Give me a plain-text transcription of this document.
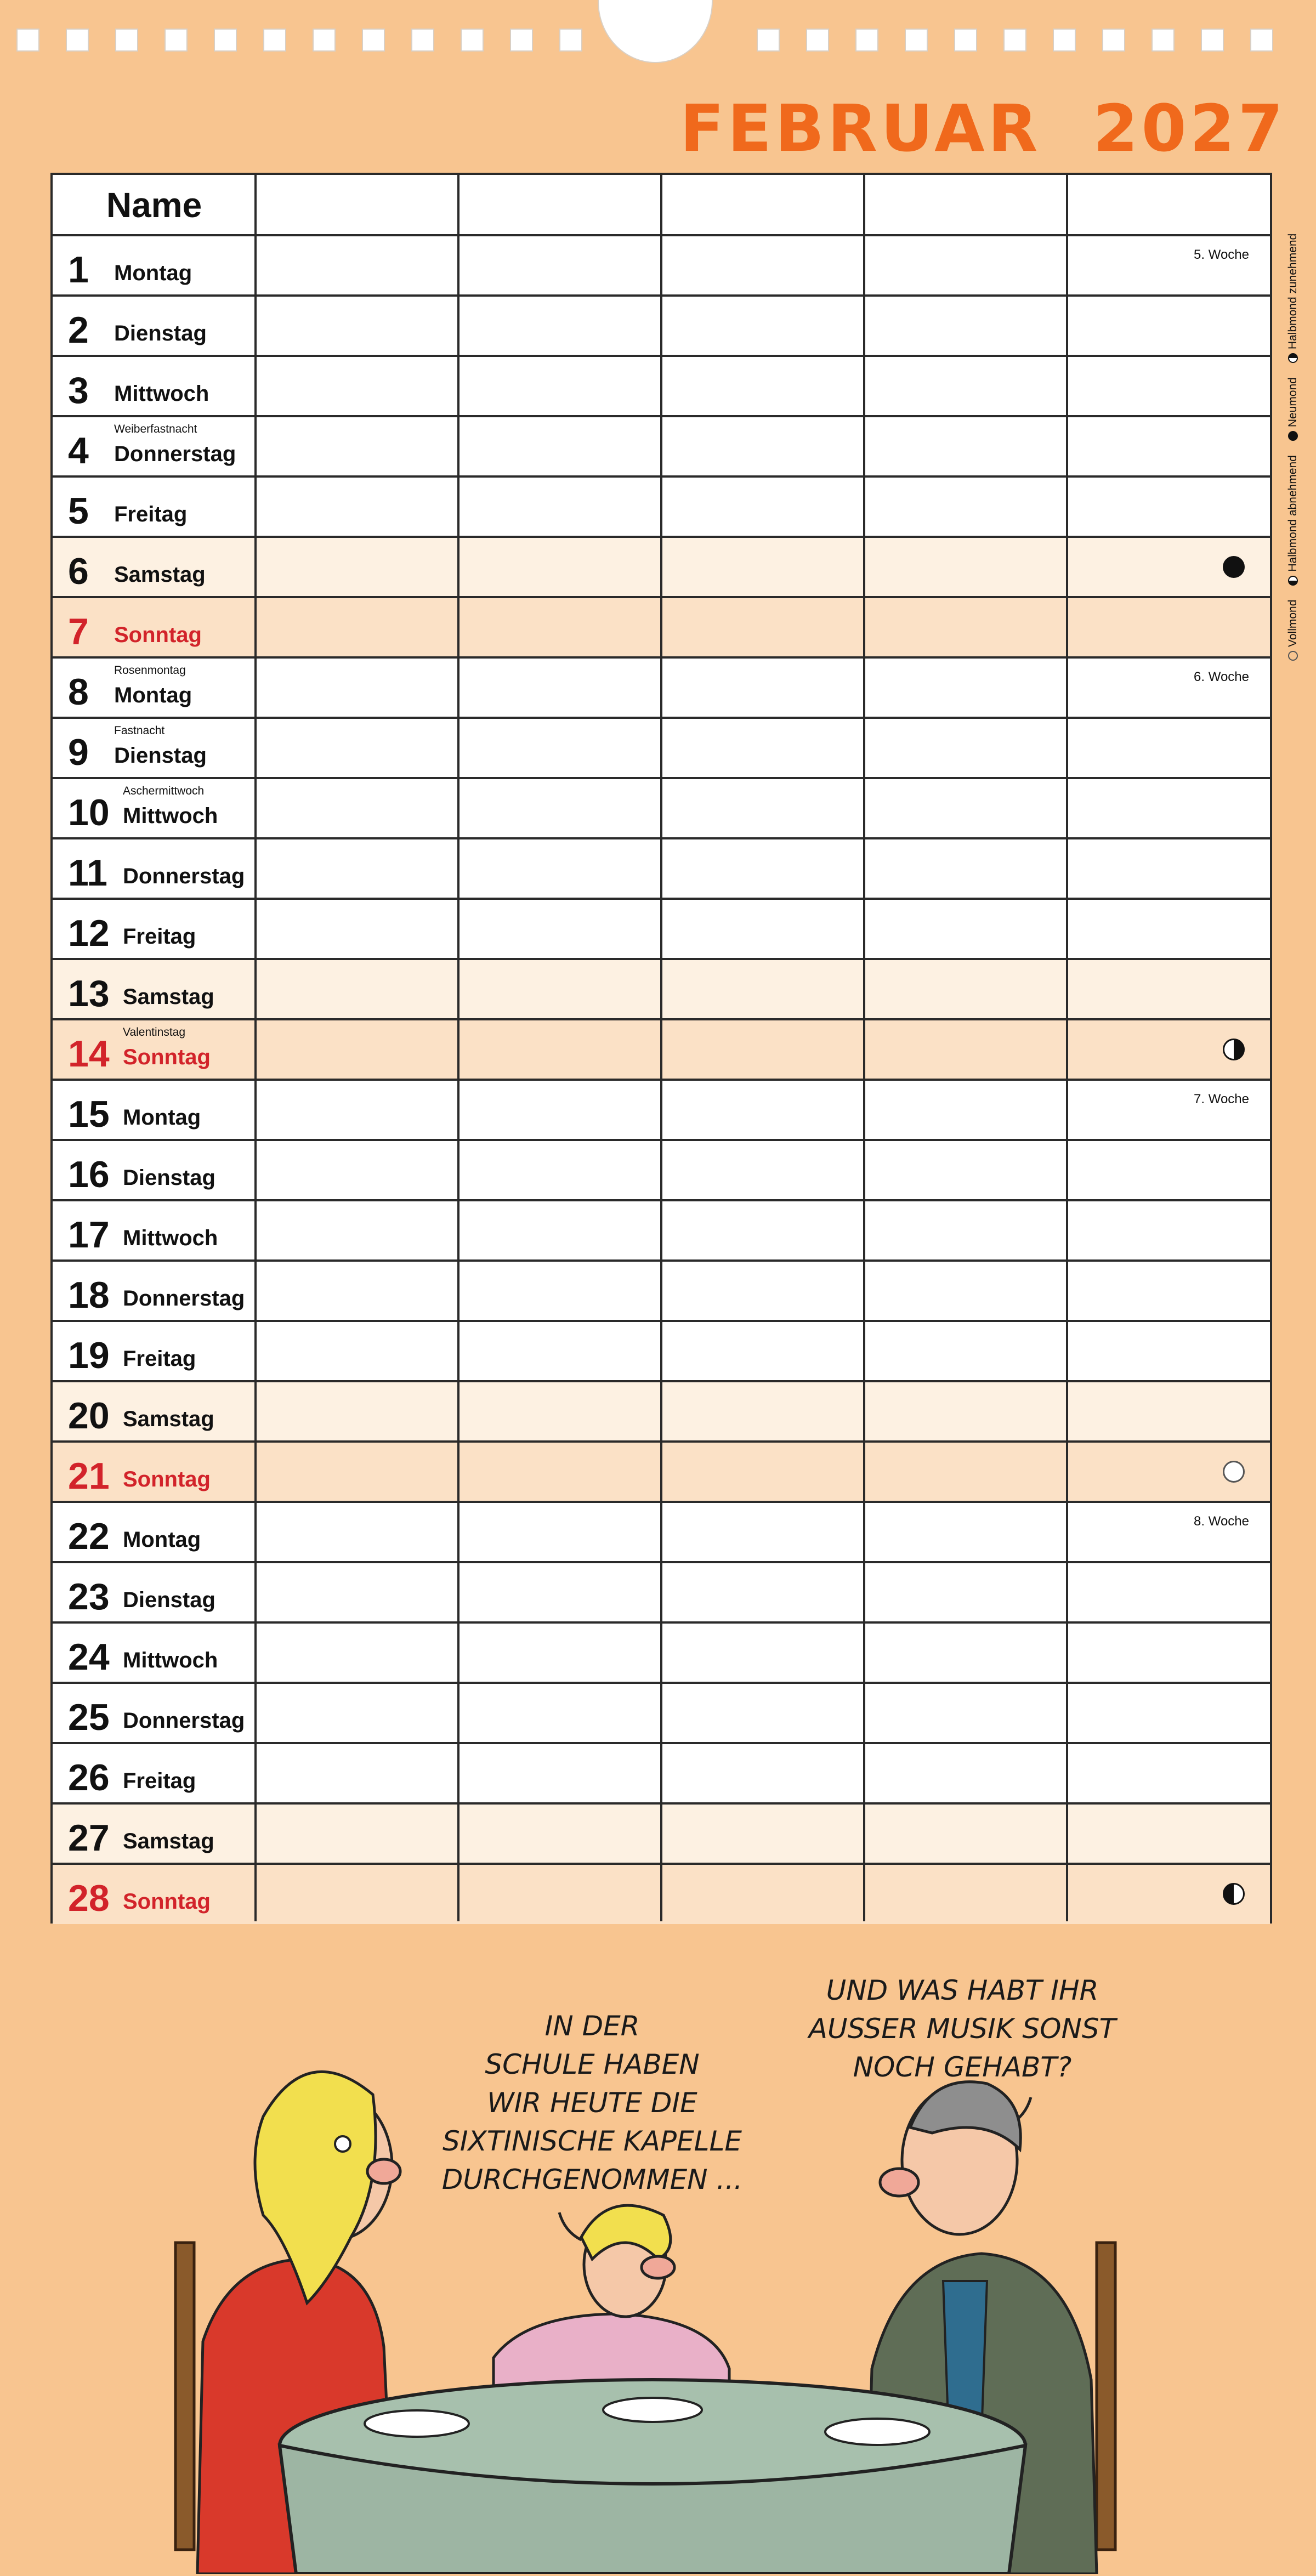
FEBRUAR 2027
Name
1 Montag
5. Woche
2 Dienstag
3 Mittwoch
4 Donnerstag
Weiberfastnacht
5 Freitag
6 Samstag
7 Sonntag
8 Montag
Rosenmontag	6. Woche
9 Dienstag
Fastnacht
10 Mittwoch
Aschermittwoch
11 Donnerstag
12 Freitag
13 Samstag
14 Sonntag
Valentinstag
15 Montag
7. Woche
16 Dienstag
17 Mittwoch
18 Donnerstag
19 Freitag
20 Samstag
21 Sonntag
22 Montag
8. Woche
23 Dienstag
24 Mittwoch
25 Donnerstag
26 Freitag
27 Samstag
28 Sonntag
Vollmond
Halbmond abnehmend
Neumond
Halbmond zunehmend
IN DER
SCHULE HABEN
WIR HEUTE DIE
SIXTINISCHE KAPELLE
DURCHGENOMMEN ...
UND WAS HABT IHR
AUSSER MUSIK SONST
NOCH GEHABT?
